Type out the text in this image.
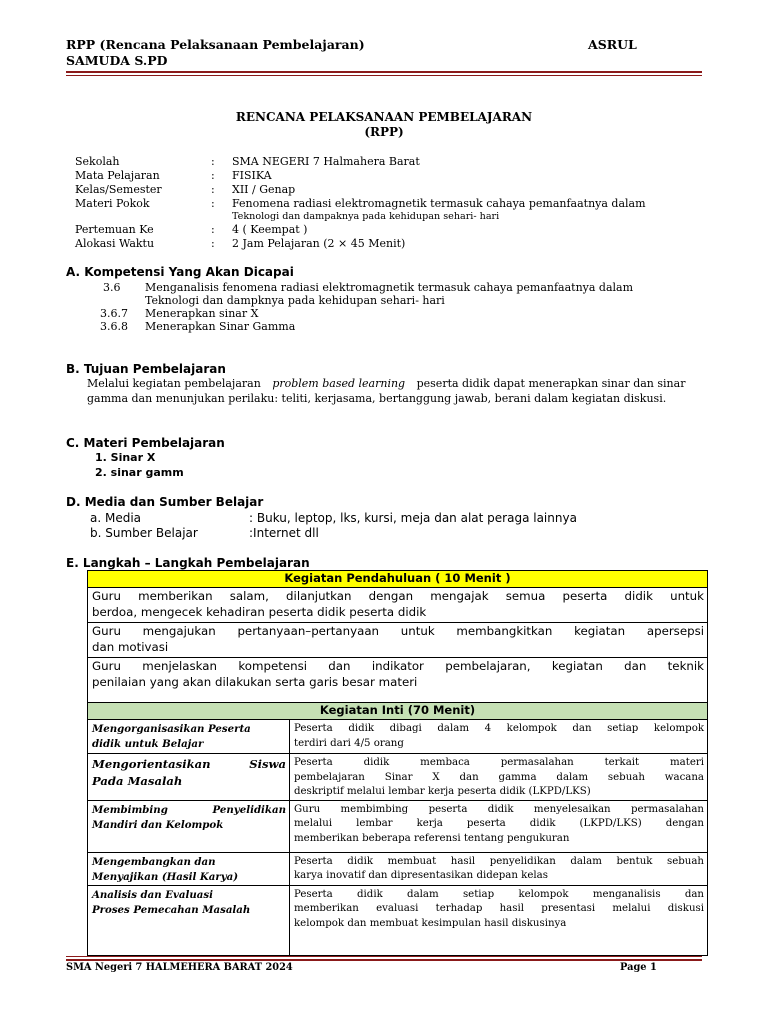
RPP (Rencana Pelaksanaan Pembelajaran)	ASRUL
SAMUDA S.PD
RENCANA PELAKSANAAN PEMBELAJARAN
(RPP)
Sekolah	: SMA NEGERI 7 Halmahera Barat
Mata Pelajaran	: FISIKA
Kelas/Semester	: XII / Genap
Materi Pokok	: Fenomena radiasi elektromagnetik termasuk cahaya pemanfaatnya dalam
Teknologi dan dampaknya pada kehidupan sehari- hari
Pertemuan Ke	: 4 ( Keempat )
Alokasi Waktu	: 2 Jam Pelajaran (2 × 45 Menit)
A. Kompetensi Yang Akan Dicapai
3.6 Menganalisis fenomena radiasi elektromagnetik termasuk cahaya pemanfaatnya dalam
Teknologi dan dampknya pada kehidupan sehari- hari
3.6.7 Menerapkan sinar X
3.6.8 Menerapkan Sinar Gamma
B. Tujuan Pembelajaran
Melalui kegiatan pembelajaran problem based learning peserta didik dapat menerapkan sinar dan sinar
gamma dan menunjukan perilaku: teliti, kerjasama, bertanggung jawab, berani dalam kegiatan diskusi.
C. Materi Pembelajaran
1. Sinar X
2. sinar gamm
D. Media dan Sumber Belajar
a. Media	: Buku, leptop, lks, kursi, meja dan alat peraga lainnya
b. Sumber Belajar	:Internet dll
E. Langkah – Langkah Pembelajaran
Kegiatan Pendahuluan ( 10 Menit )	

Guru memberikan salam, dilanjutkan dengan mengajak semua peserta didik untuk
berdoa, mengecek kehadiran peserta didik peserta didik	

Guru mengajukan pertanyaan–pertanyaan untuk membangkitkan kegiatan apersepsi
dan motivasi	

Guru menjelaskan kompetensi dan indikator pembelajaran, kegiatan dan teknik
penilaian yang akan dilakukan serta garis besar materi	

Kegiatan Inti (70 Menit)	

Mengorganisasikan Peserta
didik untuk Belajar	Peserta didik dibagi dalam 4 kelompok dan setiap kelompok
terdiri dari 4/5 orang

Mengorientasikan Siswa
Pada Masalah	Peserta didik membaca permasalahan terkait materi
pembelajaran Sinar X dan gamma dalam sebuah wacana
deskriptif melalui lembar kerja peserta didik (LKPD/LKS)

Membimbing Penyelidikan
Mandiri dan Kelompok	Guru membimbing peserta didik menyelesaikan permasalahan
melalui lembar kerja peserta didik (LKPD/LKS) dengan
memberikan beberapa referensi tentang pengukuran

Mengembangkan dan
Menyajikan (Hasil Karya)	Peserta didik membuat hasil penyelidikan dalam bentuk sebuah
karya inovatif dan dipresentasikan didepan kelas

Analisis dan Evaluasi
Proses Pemecahan Masalah	Peserta didik dalam setiap kelompok menganalisis dan
memberikan evaluasi terhadap hasil presentasi melalui diskusi
kelompok dan membuat kesimpulan hasil diskusinya
SMA Negeri 7 HALMEHERA BARAT 2024	Page 1
